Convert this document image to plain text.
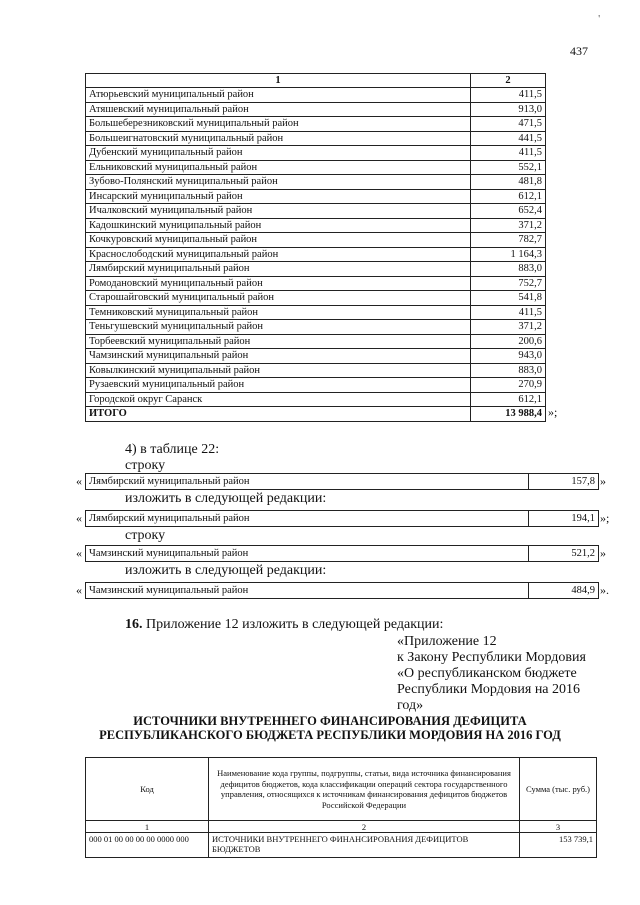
'
437
1	2
Атюрьевский муниципальный район	411,5
Атяшевский муниципальный район	913,0
Большеберезниковский муниципальный район	471,5
Большеигнатовский муниципальный район	441,5
Дубенский муниципальный район	411,5
Ельниковский муниципальный район	552,1
Зубово-Полянский муниципальный район	481,8
Инсарский муниципальный район	612,1
Ичалковский муниципальный район	652,4
Кадошкинский муниципальный район	371,2
Кочкуровский муниципальный район	782,7
Краснослободский муниципальный район	1 164,3
Лямбирский муниципальный район	883,0
Ромодановский муниципальный район	752,7
Старошайговский муниципальный район	541,8
Темниковский муниципальный район	411,5
Теньгушевский муниципальный район	371,2
Торбеевский муниципальный район	200,6
Чамзинский муниципальный район	943,0
Ковылкинский муниципальный район	883,0
Рузаевский муниципальный район	270,9
Городской округ Саранск	612,1
ИТОГО	13 988,4 »;
4) в таблице 22:
строку
« Лямбирский муниципальный район	157,8 »
изложить в следующей редакции:
« Лямбирский муниципальный район	194,1 »;
строку
« Чамзинский муниципальный район	521,2 »
изложить в следующей редакции:
« Чамзинский муниципальный район	484,9 ».
16. Приложение 12 изложить в следующей редакции:
«Приложение 12
к Закону Республики Мордовия
«О республиканском бюджете
Республики Мордовия на 2016
год»
ИСТОЧНИКИ ВНУТРЕННЕГО ФИНАНСИРОВАНИЯ ДЕФИЦИТА
РЕСПУБЛИКАНСКОГО БЮДЖЕТА РЕСПУБЛИКИ МОРДОВИЯ НА 2016 ГОД
Код	Наименование кода группы, подгруппы, статьи, вида источника финансирования дефицитов бюджетов, кода классификации операций сектора государственного управления, относящихся к источникам финансирования дефицитов бюджетов Российской Федерации	Сумма (тыс. руб.)
1	2	3
000 01 00 00 00 00 0000 000	ИСТОЧНИКИ ВНУТРЕННЕГО ФИНАНСИРОВАНИЯ ДЕФИЦИТОВ БЮДЖЕТОВ	153 739,1
